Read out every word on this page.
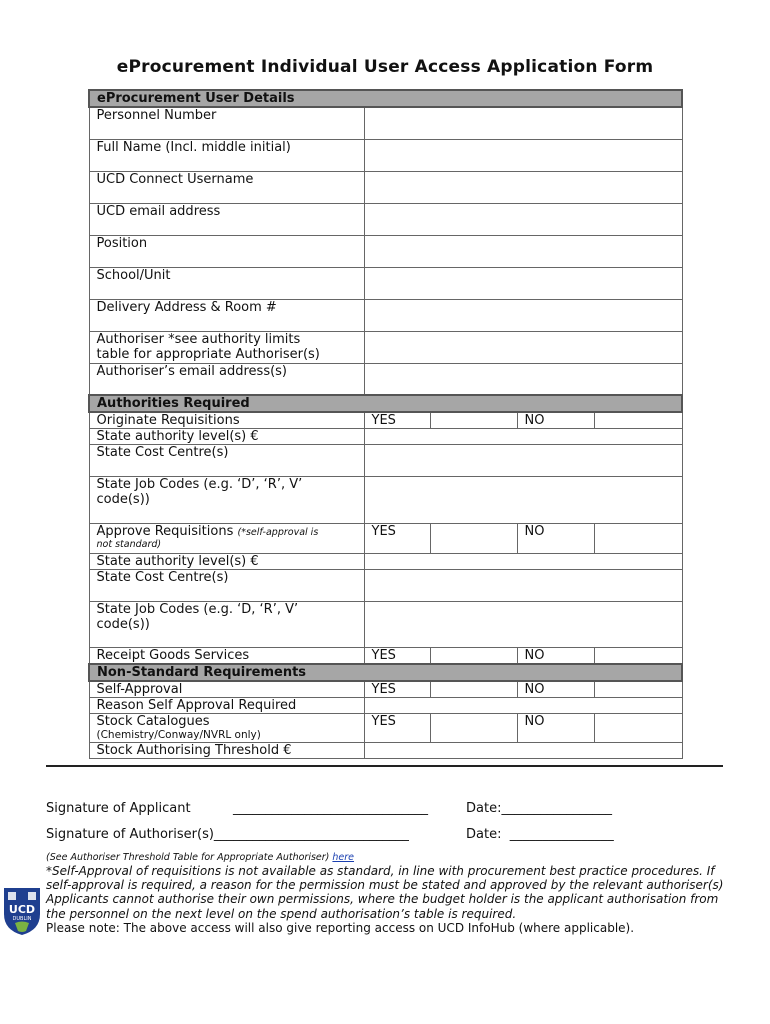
eProcurement Individual User Access Application Form
eProcurement User Details				
Personnel Number				
Full Name (Incl. middle initial)				
UCD Connect Username				
UCD email address				
Position				
School/Unit				
Delivery Address & Room #				

Authoriser *see authority limits
table for appropriate Authoriser(s)				

Authoriser’s email address(s)				
Authorities Required				
Originate Requisitions	YES		NO	
State authority level(s) €				
State Cost Centre(s)				

State Job Codes (e.g. ‘D’, ‘R’, V’
code(s))				

Approve Requisitions (*self-approval is
not standard)	YES		NO	
State authority level(s) €				
State Cost Centre(s)				

State Job Codes (e.g. ‘D, ‘R’, V’
code(s))				

Receipt Goods Services	YES		NO	
Non-Standard Requirements				
Self-Approval	YES		NO	
Reason Self Approval Required				

Stock Catalogues
(Chemistry/Conway/NVRL only)	YES		NO	
Stock Authorising Threshold €				
Signature of Applicant	______________________________	Date:_________________
Signature of Authoriser(s)______________________________	Date:  ________________
(See Authoriser Threshold Table for Appropriate Authoriser) here
*Self-Approval of requisitions is not available as standard, in line with procurement best practice procedures. If self-approval is required, a reason for the permission must be stated and approved by the relevant authoriser(s)
Applicants cannot authorise their own permissions, where the budget holder is the applicant authorisation from the personnel on the next level on the spend authorisation’s table is required.
Please note: The above access will also give reporting access on UCD InfoHub (where applicable).
UCD
DUBLIN
